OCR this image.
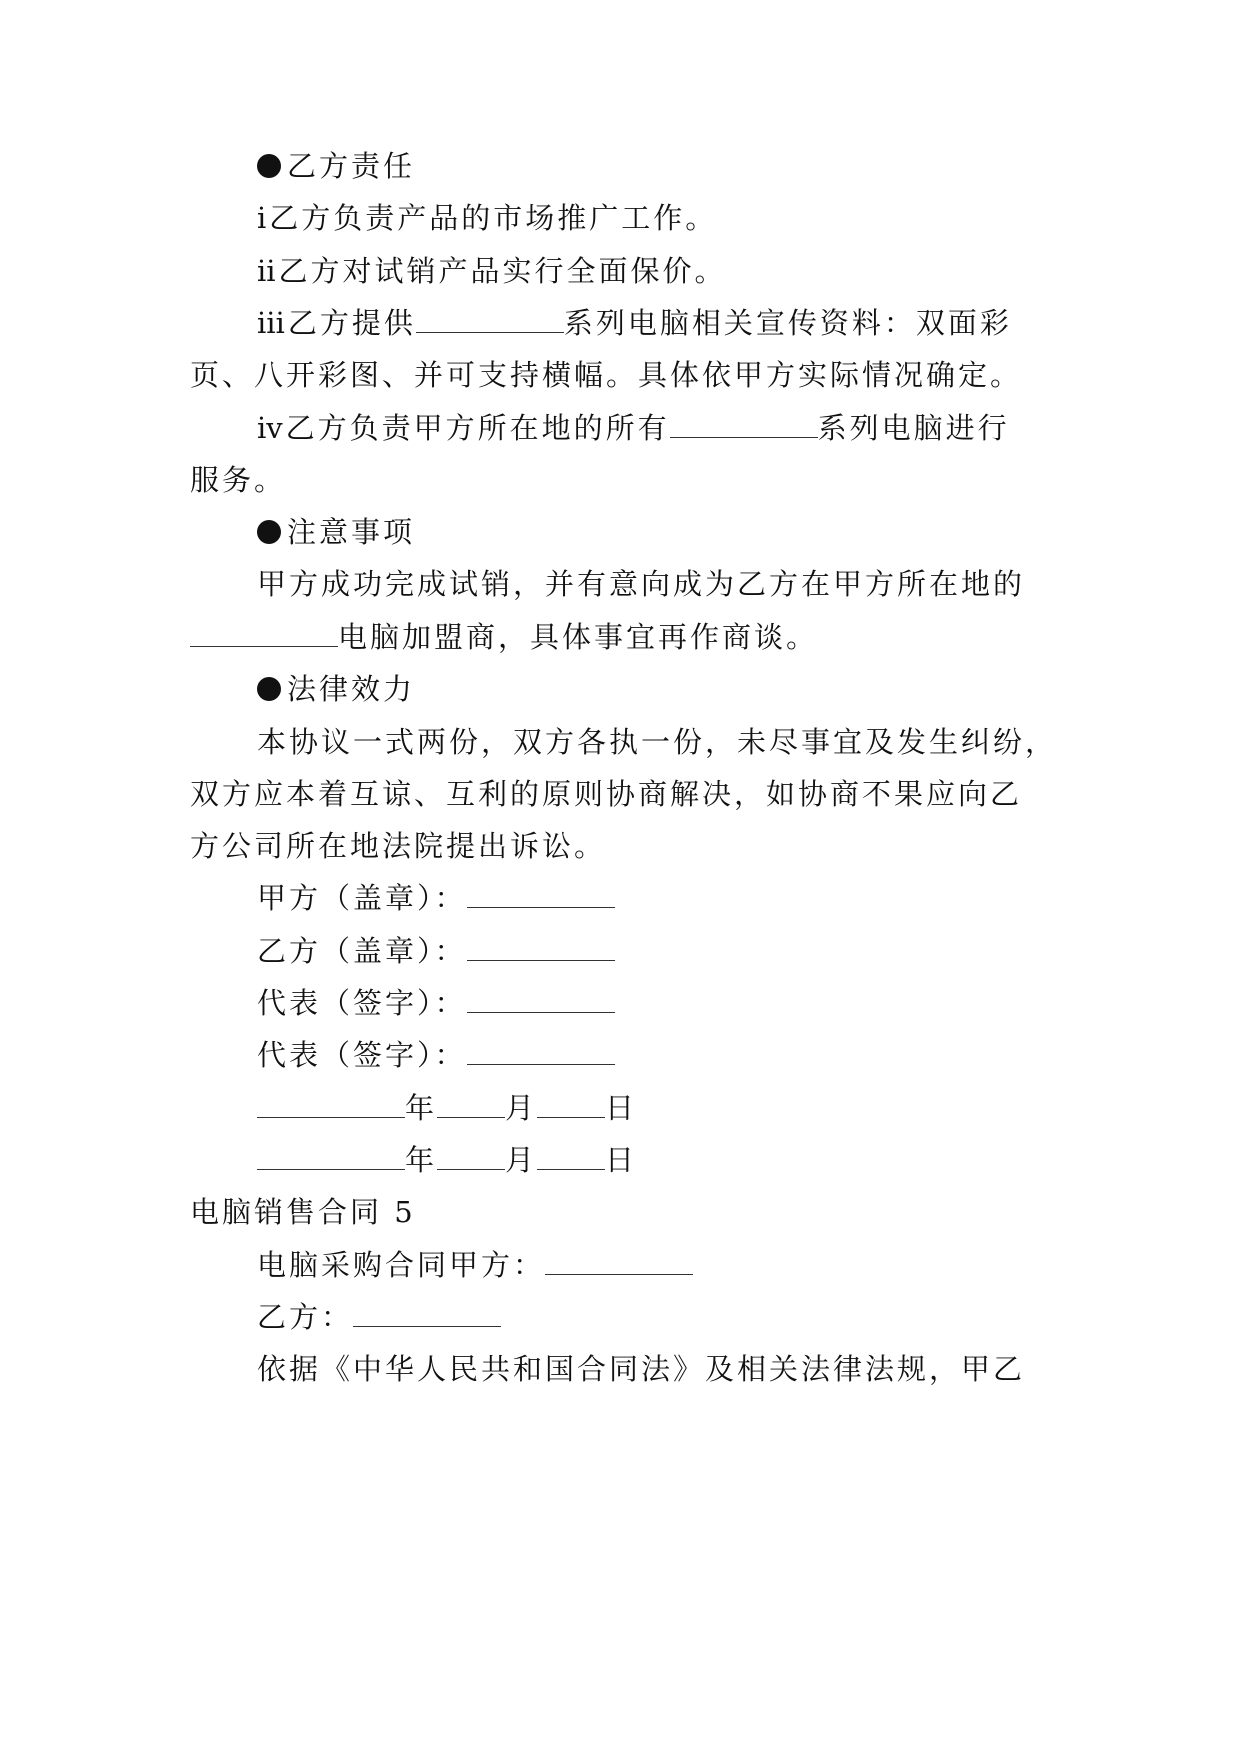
乙方责任
ⅰ乙方负责产品的市场推广工作。
ⅱ乙方对试销产品实行全面保价。
ⅲ乙方提供	系列电脑相关宣传资料：双面彩
页、八开彩图、并可支持横幅。具体依甲方实际情况确定。
ⅳ乙方负责甲方所在地的所有	系列电脑进行
服务。
注意事项
甲方成功完成试销，并有意向成为乙方在甲方所在地的
电脑加盟商，具体事宜再作商谈。
法律效力
本协议一式两份，双方各执一份，未尽事宜及发生纠纷，
双方应本着互谅、互利的原则协商解决，如协商不果应向乙
方公司所在地法院提出诉讼。
甲方（盖章）：
乙方（盖章）：
代表（签字）：
代表（签字）：
年 月 日
年 月 日
电脑销售合同 5
电脑采购合同甲方：
乙方：
依据《中华人民共和国合同法》及相关法律法规，甲乙
